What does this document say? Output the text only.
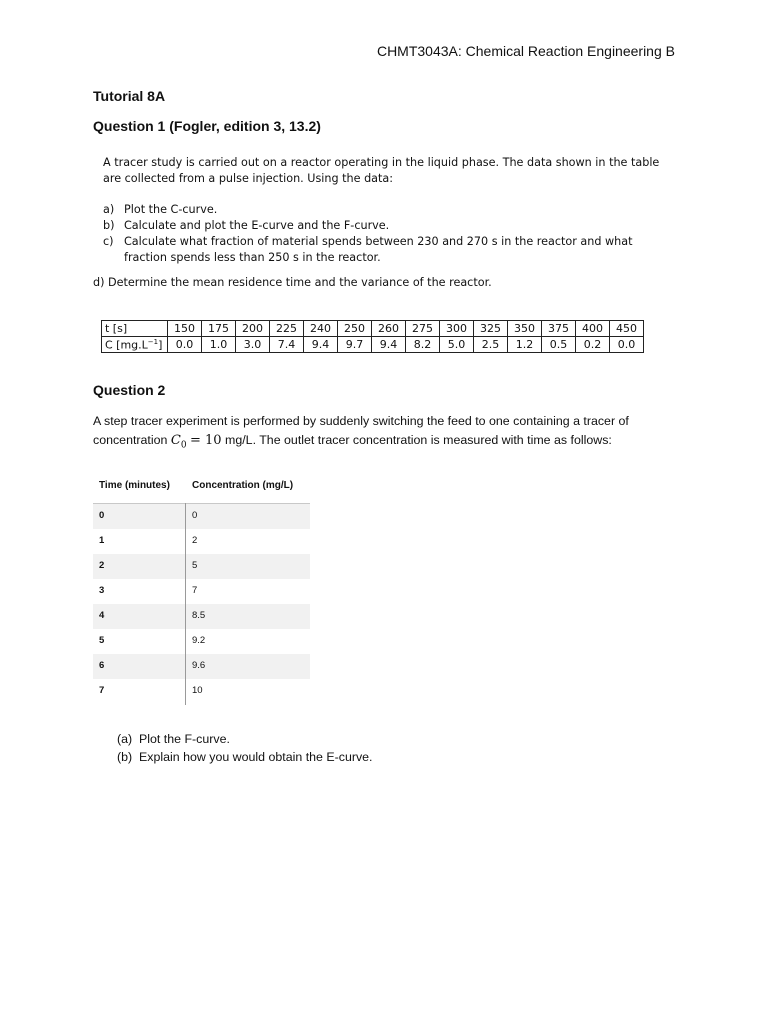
CHMT3043A: Chemical Reaction Engineering B
Tutorial 8A
Question 1 (Fogler, edition 3, 13.2)
A tracer study is carried out on a reactor operating in the liquid phase. The data shown in the table are collected from a pulse injection. Using the data:
a) Plot the C-curve.
b) Calculate and plot the E-curve and the F-curve.
c) Calculate what fraction of material spends between 230 and 270 s in the reactor and what fraction spends less than 250 s in the reactor.
d) Determine the mean residence time and the variance of the reactor.
t [s]	150	175	200	225	240	250	260	275	300	325	350	375	400	450
C $[mg.L^{-1}]$	0.0	1.0	3.0	7.4	9.4	9.7	9.4	8.2	5.0	2.5	1.2	0.5	0.2	0.0
Question 2
A step tracer experiment is performed by suddenly switching the feed to one containing a tracer of concentration $C_0 = 10$ mg/L. The outlet tracer concentration is measured with time as follows:
Time (minutes) Concentration (mg/L)
0	0
1	2
2	5
3	7
4	8.5
5	9.2
6	9.6
7	10
(a) Plot the F-curve.
(b) Explain how you would obtain the E-curve.
